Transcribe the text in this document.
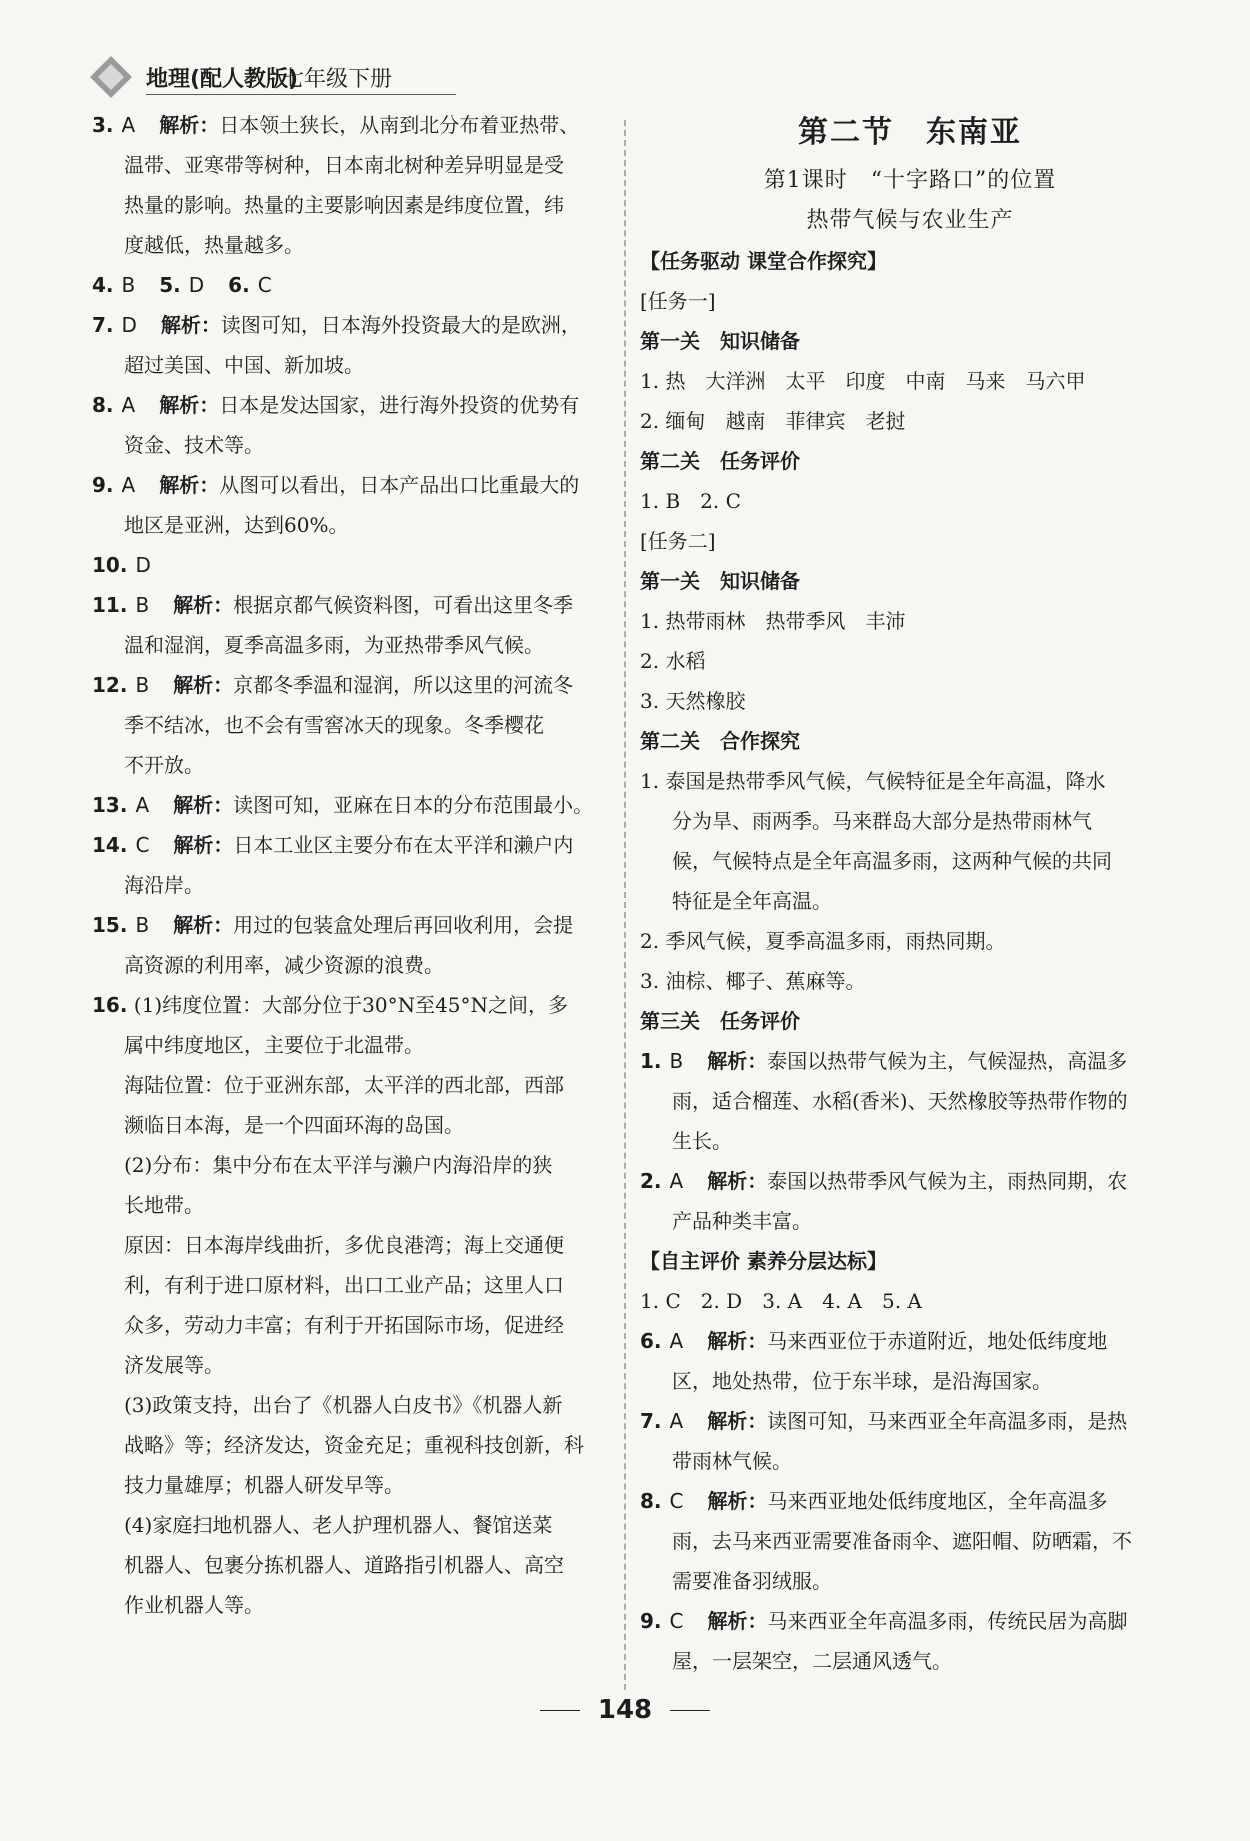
地理(配人教版)
七年级下册
3. A 解析：日本领土狭长，从南到北分布着亚热带、
温带、亚寒带等树种，日本南北树种差异明显是受
热量的影响。热量的主要影响因素是纬度位置，纬
度越低，热量越多。
4. B 5. D 6. C
7. D 解析：读图可知，日本海外投资最大的是欧洲，
超过美国、中国、新加坡。
8. A 解析：日本是发达国家，进行海外投资的优势有
资金、技术等。
9. A 解析：从图可以看出，日本产品出口比重最大的
地区是亚洲，达到60%。
10. D
11. B 解析：根据京都气候资料图，可看出这里冬季
温和湿润，夏季高温多雨，为亚热带季风气候。
12. B 解析：京都冬季温和湿润，所以这里的河流冬
季不结冰，也不会有雪窖冰天的现象。冬季樱花
不开放。
13. A 解析：读图可知，亚麻在日本的分布范围最小。
14. C 解析：日本工业区主要分布在太平洋和濑户内
海沿岸。
15. B 解析：用过的包装盒处理后再回收利用，会提
高资源的利用率，减少资源的浪费。
16. (1)纬度位置：大部分位于30°N至45°N之间，多
属中纬度地区，主要位于北温带。
海陆位置：位于亚洲东部，太平洋的西北部，西部
濒临日本海，是一个四面环海的岛国。
(2)分布：集中分布在太平洋与濑户内海沿岸的狭
长地带。
原因：日本海岸线曲折，多优良港湾；海上交通便
利，有利于进口原材料，出口工业产品；这里人口
众多，劳动力丰富；有利于开拓国际市场，促进经
济发展等。
(3)政策支持，出台了《机器人白皮书》《机器人新
战略》等；经济发达，资金充足；重视科技创新，科
技力量雄厚；机器人研发早等。
(4)家庭扫地机器人、老人护理机器人、餐馆送菜
机器人、包裹分拣机器人、道路指引机器人、高空
作业机器人等。
第二节　东南亚
第1课时　“十字路口”的位置
热带气候与农业生产
【任务驱动 课堂合作探究】
[任务一]
第一关　知识储备
1. 热　大洋洲　太平　印度　中南　马来　马六甲
2. 缅甸　越南　菲律宾　老挝
第二关　任务评价
1. B　2. C
[任务二]
第一关　知识储备
1. 热带雨林　热带季风　丰沛
2. 水稻
3. 天然橡胶
第二关　合作探究
1. 泰国是热带季风气候，气候特征是全年高温，降水
分为旱、雨两季。马来群岛大部分是热带雨林气
候，气候特点是全年高温多雨，这两种气候的共同
特征是全年高温。
2. 季风气候，夏季高温多雨，雨热同期。
3. 油棕、椰子、蕉麻等。
第三关　任务评价
1. B 解析：泰国以热带气候为主，气候湿热，高温多
雨，适合榴莲、水稻(香米)、天然橡胶等热带作物的
生长。
2. A 解析：泰国以热带季风气候为主，雨热同期，农
产品种类丰富。
【自主评价 素养分层达标】
1. C　2. D　3. A　4. A　5. A
6. A 解析：马来西亚位于赤道附近，地处低纬度地
区，地处热带，位于东半球，是沿海国家。
7. A 解析：读图可知，马来西亚全年高温多雨，是热
带雨林气候。
8. C 解析：马来西亚地处低纬度地区，全年高温多
雨，去马来西亚需要准备雨伞、遮阳帽、防晒霜，不
需要准备羽绒服。
9. C 解析：马来西亚全年高温多雨，传统民居为高脚
屋，一层架空，二层通风透气。
148
